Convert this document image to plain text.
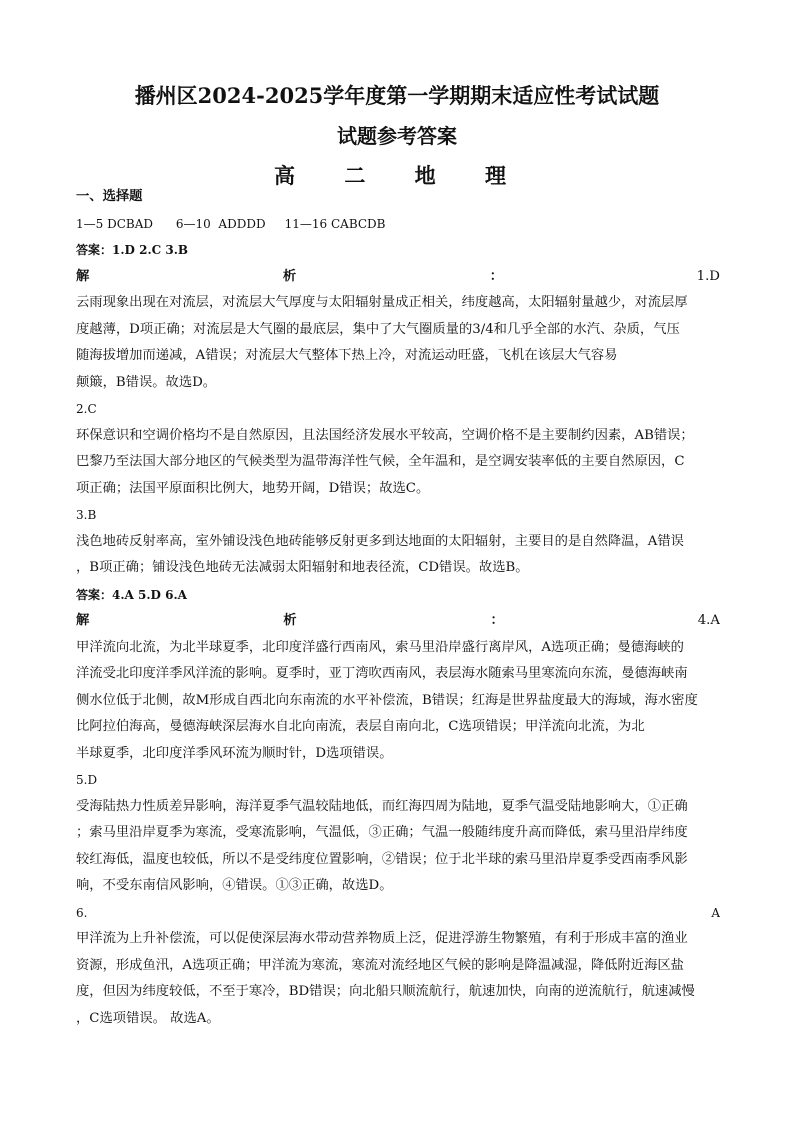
播州区2024-2025学年度第一学期期末适应性考试试题
试题参考答案
高 二 地 理
一、选择题
1—5 DCBAD      6—10  ADDDD     11—16 CABCDB
答案：1.D 2.C 3.B
解	析	：	1.D
云雨现象出现在对流层，对流层大气厚度与太阳辐射量成正相关，纬度越高，太阳辐射量越少，对流层厚
度越薄，D项正确；对流层是大气圈的最底层，集中了大气圈质量的3/4和几乎全部的水汽、杂质，气压
随海拔增加而递减，A错误；对流层大气整体下热上冷，对流运动旺盛，飞机在该层大气容易
颠簸，B错误。故选D。
2.C
环保意识和空调价格均不是自然原因，且法国经济发展水平较高，空调价格不是主要制约因素，AB错误；
巴黎乃至法国大部分地区的气候类型为温带海洋性气候，全年温和，是空调安装率低的主要自然原因，C
项正确；法国平原面积比例大，地势开阔，D错误；故选C。
3.B
浅色地砖反射率高，室外铺设浅色地砖能够反射更多到达地面的太阳辐射，主要目的是自然降温，A错误
，B项正确；铺设浅色地砖无法减弱太阳辐射和地表径流，CD错误。故选B。
答案：4.A 5.D 6.A
解	析	：	4.A
甲洋流向北流，为北半球夏季，北印度洋盛行西南风，索马里沿岸盛行离岸风，A选项正确；曼德海峡的
洋流受北印度洋季风洋流的影响。夏季时，亚丁湾吹西南风，表层海水随索马里寒流向东流，曼德海峡南
侧水位低于北侧，故M形成自西北向东南流的水平补偿流，B错误；红海是世界盐度最大的海域，海水密度
比阿拉伯海高，曼德海峡深层海水自北向南流，表层自南向北，C选项错误；甲洋流向北流，为北
半球夏季，北印度洋季风环流为顺时针，D选项错误。
5.D
受海陆热力性质差异影响，海洋夏季气温较陆地低，而红海四周为陆地，夏季气温受陆地影响大，①正确
；索马里沿岸夏季为寒流，受寒流影响，气温低，③正确；气温一般随纬度升高而降低，索马里沿岸纬度
较红海低，温度也较低，所以不是受纬度位置影响，②错误；位于北半球的索马里沿岸夏季受西南季风影
响，不受东南信风影响，④错误。①③正确，故选D。
6.	A
甲洋流为上升补偿流，可以促使深层海水带动营养物质上泛，促进浮游生物繁殖，有利于形成丰富的渔业
资源，形成鱼汛，A选项正确；甲洋流为寒流，寒流对流经地区气候的影响是降温减湿，降低附近海区盐
度，但因为纬度较低，不至于寒冷，BD错误；向北船只顺流航行，航速加快，向南的逆流航行，航速减慢
，C选项错误。 故选A。
